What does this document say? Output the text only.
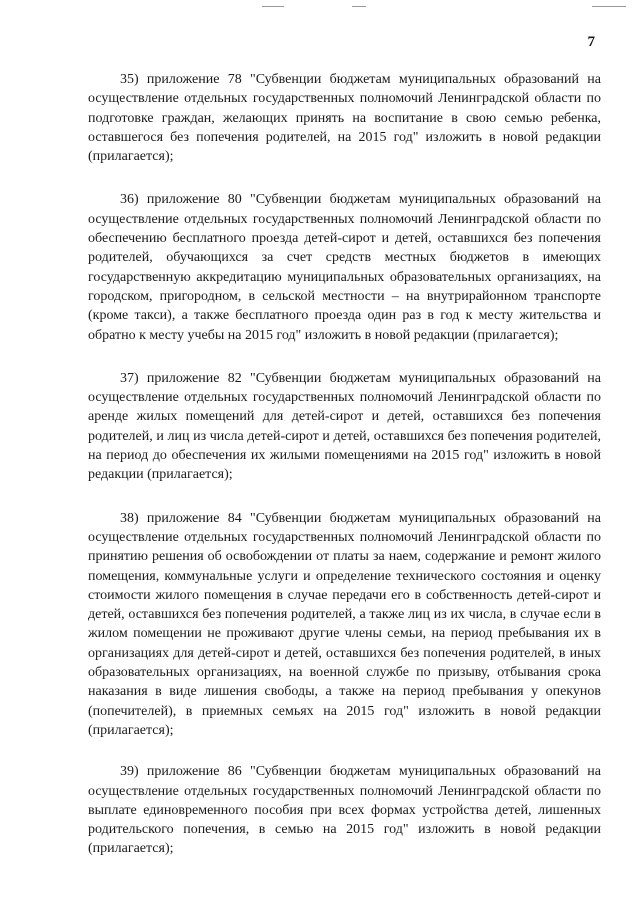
7

35) приложение 78 "Субвенции бюджетам муниципальных образований на осуществление отдельных государственных полномочий Ленинградской области по подготовке граждан, желающих принять на воспитание в свою семью ребенка, оставшегося без попечения родителей, на 2015 год" изложить в новой редакции (прилагается);

36) приложение 80 "Субвенции бюджетам муниципальных образований на осуществление отдельных государственных полномочий Ленинградской области по обеспечению бесплатного проезда детей-сирот и детей, оставшихся без попечения родителей, обучающихся за счет средств местных бюджетов в имеющих государственную аккредитацию муниципальных образовательных организациях, на городском, пригородном, в сельской местности – на внутрирайонном транспорте (кроме такси), а также бесплатного проезда один раз в год к месту жительства и обратно к месту учебы на 2015 год" изложить в новой редакции (прилагается);

37) приложение 82 "Субвенции бюджетам муниципальных образований на осуществление отдельных государственных полномочий Ленинградской области по аренде жилых помещений для детей-сирот и детей, оставшихся без попечения родителей, и лиц из числа детей-сирот и детей, оставшихся без попечения родителей, на период до обеспечения их жилыми помещениями на 2015 год" изложить в новой редакции (прилагается);

38) приложение 84 "Субвенции бюджетам муниципальных образований на осуществление отдельных государственных полномочий Ленинградской области по принятию решения об освобождении от платы за наем, содержание и ремонт жилого помещения, коммунальные услуги и определение технического состояния и оценку стоимости жилого помещения в случае передачи его в собственность детей-сирот и детей, оставшихся без попечения родителей, а также лиц из их числа, в случае если в жилом помещении не проживают другие члены семьи, на период пребывания их в организациях для детей-сирот и детей, оставшихся без попечения родителей, в иных образовательных организациях, на военной службе по призыву, отбывания срока наказания в виде лишения свободы, а также на период пребывания у опекунов (попечителей), в приемных семьях на 2015 год" изложить в новой редакции (прилагается);

39) приложение 86 "Субвенции бюджетам муниципальных образований на осуществление отдельных государственных полномочий Ленинградской области по выплате единовременного пособия при всех формах устройства детей, лишенных родительского попечения, в семью на 2015 год" изложить в новой редакции (прилагается);
